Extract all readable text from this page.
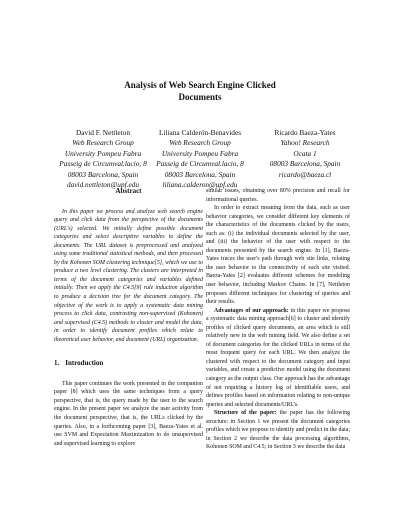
Analysis of Web Search Engine Clicked
Documents
David F. Nettleton
Web Research Group
University Pompeu Fabra
Passeig de Circumval.lacio, 8
08003 Barcelona, Spain
david.nettleton@upf.edu
Liliana Calderón-Benavides
Web Research Group
University Pompeu Fabra
Passeig de Circumval.lacio, 8
08003 Barcelona, Spain
liliana.calderon@upf.edu
Ricardo Baeza-Yates
Yahoo! Research
Ocata 1
08003 Barcelona, Spain
ricardo@baeza.cl
Abstract

In this paper we process and analyze web search engine query and click data from the perspective of the documents (URL's) selected. We initially define possible document categories and select descriptive variables to define the documents. The URL dataset is preprocessed and analyzed using some traditional statistical methods, and then processed by the Kohonen SOM clustering technique[5], which we use to produce a two level clustering. The clusters are interpreted in terms of the document categories and variables defined initially. Then we apply the C4.5[9] rule induction algorithm to produce a decision tree for the document category. The objective of the work is to apply a systematic data mining process to click data, contrasting non-supervised (Kohonen) and supervised (C4.5) methods to cluster and model the data, in order to identify document profiles which relate to theoretical user behavior, and document (URL) organization.

1. Introduction

This paper continues the work presented in the companion paper [8] which uses the same techniques from a query perspective, that is, the query made by the user to the search engine. In the present paper we analyze the user activity from the document perspective, that is, the URLs clicked by the queries. Also, in a forthcoming paper [3], Baeza-Yates et al. use SVM and Expectation Maximization to do unsupervised and supervised learning to explore

similar issues, obtaining over 80% precision and recall for informational queries.

In order to extract meaning from the data, such as user behavior categories, we consider different key elements of the characteristics of the documents clicked by the users, such as: (i) the individual documents selected by the user, and (iii) the behavior of the user with respect to the documents presented by the search engine. In [1], Baeza-Yates traces the user's path through web site links, relating the user behavior to the connectivity of each site visited. Baeza-Yates [2] evaluates different schemes for modeling user behavior, including Markov Chains. In [7], Nettleton proposes different techniques for clustering of queries and their results.

Advantages of our approach: in this paper we propose a systematic data mining approach[6] to cluster and identify profiles of clicked query documents, an area which is still relatively new in the web mining field. We also define a set of document categories for the clicked URLs in terms of the most frequent query for each URL. We then analyze the clustered with respect to the document category and input variables, and create a predictive model using the document category as the output class. Our approach has the advantage of not requiring a history log of identifiable users, and defines profiles based on information relating to non-unique queries and selected documents/URL's.

Structure of the paper: the paper has the following structure: in Section 1 we present the document categories profiles which we propose to identify and predict in the data; in Section 2 we describe the data processing algorithms, Kohonen SOM and C4.5; in Section 3 we describe the data
